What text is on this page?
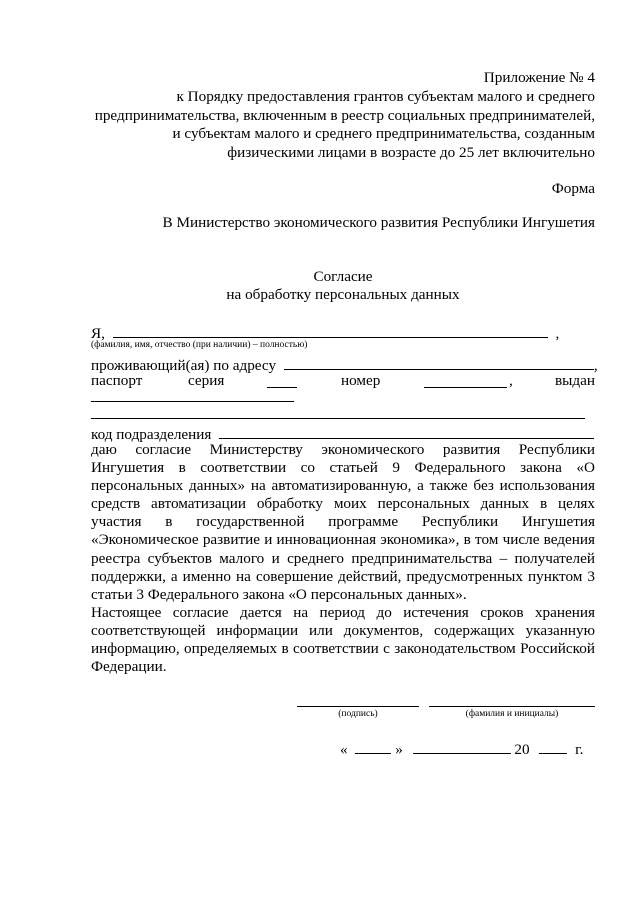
Приложение № 4
к Порядку предоставления грантов субъектам малого и среднего
предпринимательства, включенным в реестр социальных предпринимателей,
и субъектам малого и среднего предпринимательства, созданным
физическими лицами в возрасте до 25 лет включительно
Форма
В Министерство экономического развития Республики Ингушетия
Согласие
на обработку персональных данных
Я,	,
(фамилия, имя, отчество (при наличии) – полностью)
проживающий(ая) по адресу	,
паспорт	серия	номер	,	выдан
код подразделения

даю согласие Министерству экономического развития Республики Ингушетия в соответствии со статьей 9 Федерального закона «О персональных данных» на автоматизированную, а также без использования средств автоматизации обработку моих персональных данных в целях участия в государственной программе Республики Ингушетия «Экономическое развитие и инновационная экономика», в том числе ведения реестра субъектов малого и среднего предпринимательства – получателей поддержки, а именно на совершение действий, предусмотренных пунктом 3 статьи 3 Федерального закона «О персональных данных».

Настоящее согласие дается на период до истечения сроков хранения соответствующей информации или документов, содержащих указанную информацию, определяемых в соответствии с законодательством Российской Федерации.

(подпись)	(фамилия и инициалы)
«	»	20	г.
